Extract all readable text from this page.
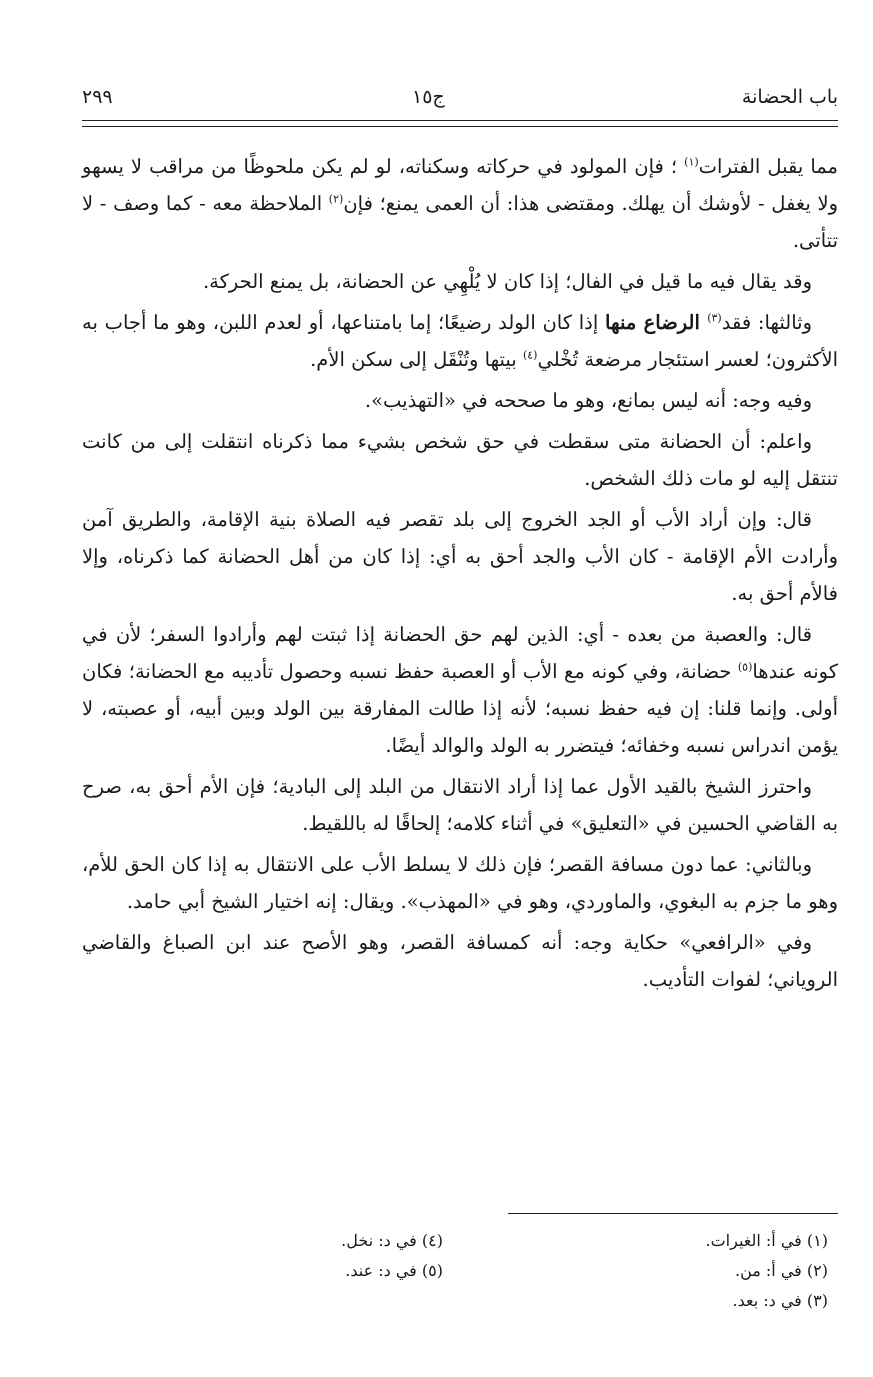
باب الحضانة
ج١٥
٢٩٩

مما يقبل الفترات$^{(١)}$ ؛ فإن المولود في حركاته وسكناته، لو لم يكن ملحوظًا من مراقب لا يسهو ولا يغفل - لأوشك أن يهلك. ومقتضى هذا: أن العمى يمنع؛ فإن$^{(٢)}$ الملاحظة معه - كما وصف - لا تتأتى.

وقد يقال فيه ما قيل في الفال؛ إذا كان لا يُلْهِي عن الحضانة، بل يمنع الحركة.

وثالثها: فقد$^{(٣)}$ الرضاع منها إذا كان الولد رضيعًا؛ إما بامتناعها، أو لعدم اللبن، وهو ما أجاب به الأكثرون؛ لعسر استئجار مرضعة تُخْلي$^{(٤)}$ بيتها وتُنْقَل إلى سكن الأم.

وفيه وجه: أنه ليس بمانع، وهو ما صححه في «التهذيب».

واعلم: أن الحضانة متى سقطت في حق شخص بشيء مما ذكرناه انتقلت إلى من كانت تنتقل إليه لو مات ذلك الشخص.

قال: وإن أراد الأب أو الجد الخروج إلى بلد تقصر فيه الصلاة بنية الإقامة، والطريق آمن وأرادت الأم الإقامة - كان الأب والجد أحق به أي: إذا كان من أهل الحضانة كما ذكرناه، وإلا فالأم أحق به.

قال: والعصبة من بعده - أي: الذين لهم حق الحضانة إذا ثبتت لهم وأرادوا السفر؛ لأن في كونه عندها$^{(٥)}$ حضانة، وفي كونه مع الأب أو العصبة حفظ نسبه وحصول تأديبه مع الحضانة؛ فكان أولى. وإنما قلنا: إن فيه حفظ نسبه؛ لأنه إذا طالت المفارقة بين الولد وبين أبيه، أو عصبته، لا يؤمن اندراس نسبه وخفائه؛ فيتضرر به الولد والوالد أيضًا.

واحترز الشيخ بالقيد الأول عما إذا أراد الانتقال من البلد إلى البادية؛ فإن الأم أحق به، صرح به القاضي الحسين في «التعليق» في أثناء كلامه؛ إلحاقًا له باللقيط.

وبالثاني: عما دون مسافة القصر؛ فإن ذلك لا يسلط الأب على الانتقال به إذا كان الحق للأم، وهو ما جزم به البغوي، والماوردي، وهو في «المهذب». ويقال: إنه اختيار الشيخ أبي حامد.

وفي «الرافعي» حكاية وجه: أنه كمسافة القصر، وهو الأصح عند ابن الصباغ والقاضي الروياني؛ لفوات التأديب.

(١) في أ: الغيرات.
(٢) في أ: من.
(٣) في د: بعد.
(٤) في د: نخل.
(٥) في د: عند.
